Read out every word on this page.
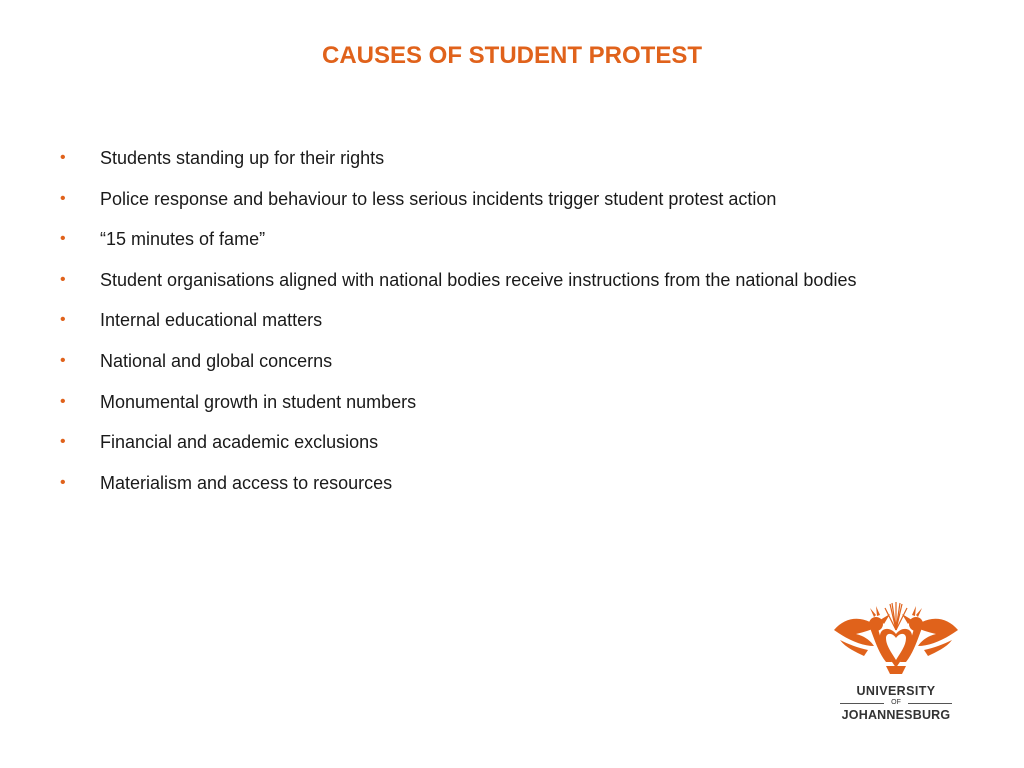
CAUSES OF STUDENT PROTEST
•	Students standing up for their rights
•	Police response and behaviour to less serious incidents trigger student protest action
•	“15 minutes of fame”
•	Student organisations aligned with national bodies receive instructions from the national bodies
•	Internal educational matters
•	National and global concerns
•	Monumental growth in student numbers
•	Financial and academic exclusions
•	Materialism and access to resources
UNIVERSITY
OF
JOHANNESBURG
